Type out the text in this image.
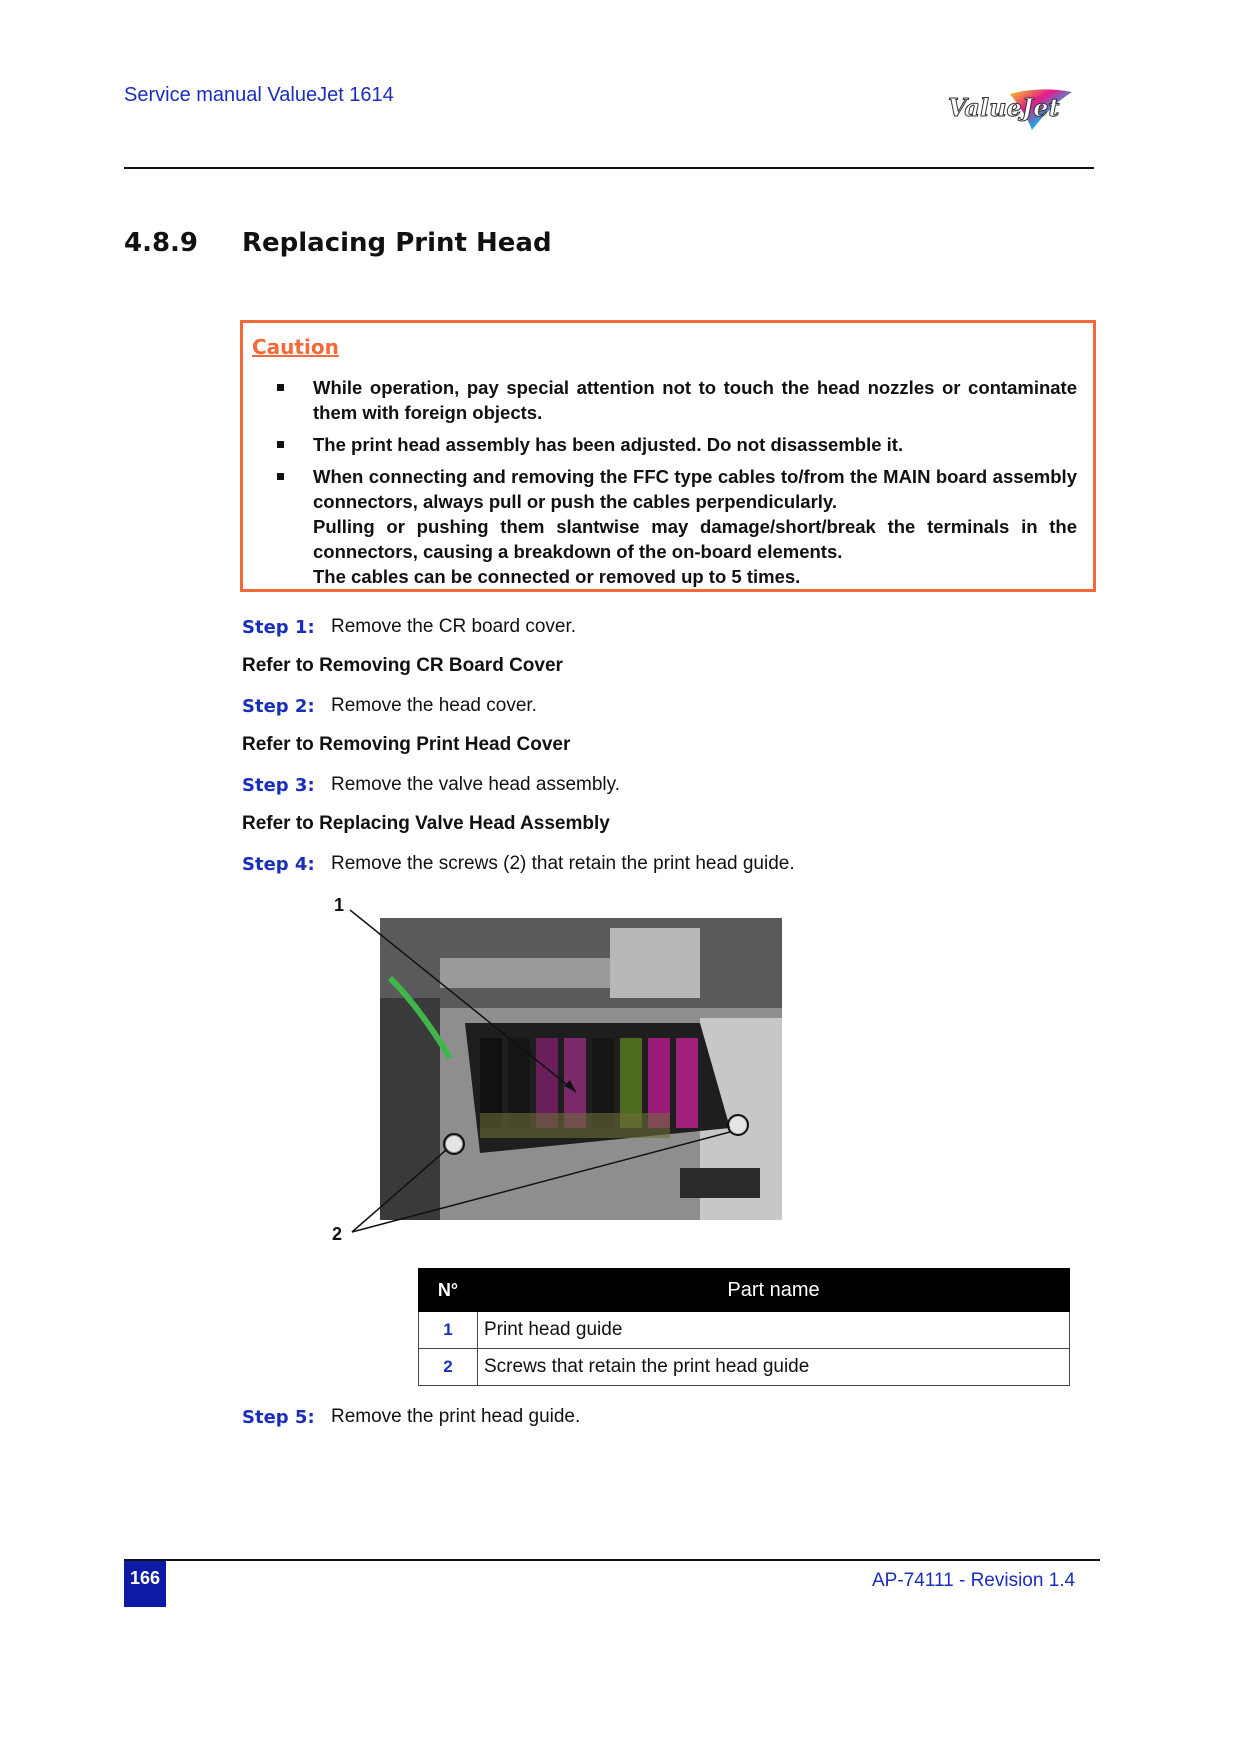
Service manual ValueJet 1614	ValueJet
4.8.9 Replacing Print Head
Caution
While operation, pay special attention not to touch the head nozzles or contaminate them with foreign objects.
The print head assembly has been adjusted. Do not disassemble it.
When connecting and removing the FFC type cables to/from the MAIN board assembly connectors, always pull or push the cables perpendicularly.
Pulling or pushing them slantwise may damage/short/break the terminals in the connectors, causing a breakdown of the on-board elements.
The cables can be connected or removed up to 5 times.
Step 1: Remove the CR board cover.
Refer to Removing CR Board Cover
Step 2: Remove the head cover.
Refer to Removing Print Head Cover
Step 3: Remove the valve head assembly.
Refer to Replacing Valve Head Assembly
Step 4: Remove the screws (2) that retain the print head guide.
1
2
N°	Part name
1	Print head guide
2	Screws that retain the print head guide
Step 5: Remove the print head guide.
166	AP-74111 - Revision 1.4
